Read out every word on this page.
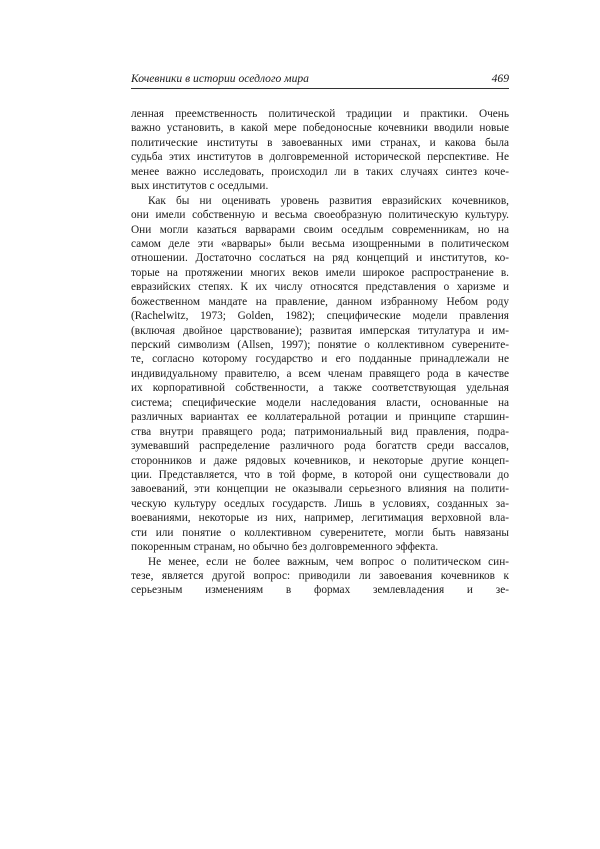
Кочевники в истории оседлого мира	469
ленная преемственность политической традиции и практики. Очень
важно установить, в какой мере победоносные кочевники вводили новые
политические институты в завоеванных ими странах, и какова была
судьба этих институтов в долговременной исторической перспективе. Не
менее важно исследовать, происходил ли в таких случаях синтез коче-
вых институтов с оседлыми.
Как бы ни оценивать уровень развития евразийских кочевников,
они имели собственную и весьма своеобразную политическую культуру.
Они могли казаться варварами своим оседлым современникам, но на
самом деле эти «варвары» были весьма изощренными в политическом
отношении. Достаточно сослаться на ряд концепций и институтов, ко-
торые на протяжении многих веков имели широкое распространение в.
евразийских степях. К их числу относятся представления о харизме и
божественном мандате на правление, данном избранному Небом роду
(Rachelwitz, 1973; Golden, 1982); специфические модели правления
(включая двойное царствование); развитая имперская титулатура и им-
перский символизм (Allsen, 1997); понятие о коллективном суверените-
те, согласно которому государство и его подданные принадлежали не
индивидуальному правителю, а всем членам правящего рода в качестве
их корпоративной собственности, а также соответствующая удельная
система; специфические модели наследования власти, основанные на
различных вариантах ее коллатеральной ротации и принципе старшин-
ства внутри правящего рода; патримониальный вид правления, подра-
зумевавший распределение различного рода богатств среди вассалов,
сторонников и даже рядовых кочевников, и некоторые другие концеп-
ции. Представляется, что в той форме, в которой они существовали до
завоеваний, эти концепции не оказывали серьезного влияния на полити-
ческую культуру оседлых государств. Лишь в условиях, созданных за-
воеваниями, некоторые из них, например, легитимация верховной вла-
сти или понятие о коллективном суверенитете, могли быть навязаны
покоренным странам, но обычно без долговременного эффекта.
Не менее, если не более важным, чем вопрос о политическом син-
тезе, является другой вопрос: приводили ли завоевания кочевников к
серьезным изменениям в формах землевладения и зе-
